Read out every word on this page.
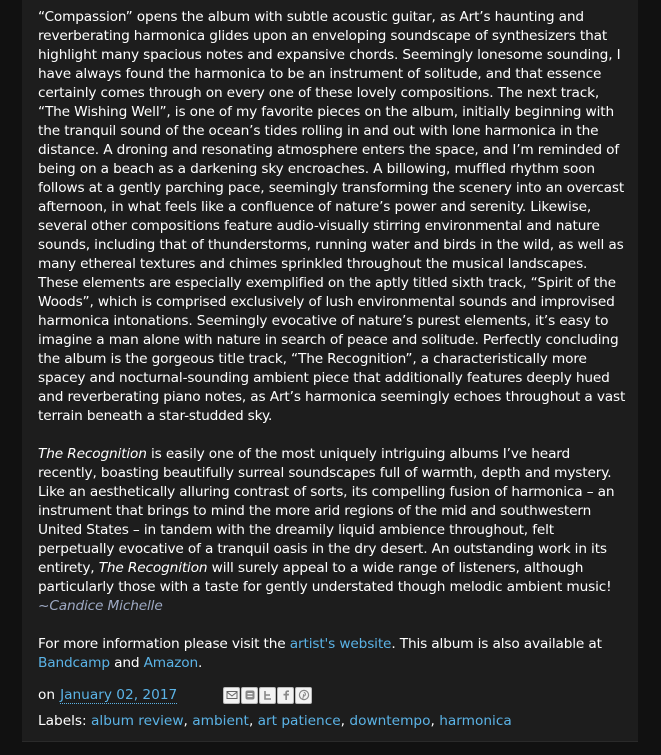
“Compassion” opens the album with subtle acoustic guitar, as Art’s haunting and reverberating harmonica glides upon an enveloping soundscape of synthesizers that highlight many spacious notes and expansive chords. Seemingly lonesome sounding, I have always found the harmonica to be an instrument of solitude, and that essence certainly comes through on every one of these lovely compositions. The next track, “The Wishing Well”, is one of my favorite pieces on the album, initially beginning with the tranquil sound of the ocean’s tides rolling in and out with lone harmonica in the distance. A droning and resonating atmosphere enters the space, and I’m reminded of being on a beach as a darkening sky encroaches. A billowing, muffled rhythm soon follows at a gently parching pace, seemingly transforming the scenery into an overcast afternoon, in what feels like a confluence of nature’s power and serenity. Likewise, several other compositions feature audio-visually stirring environmental and nature sounds, including that of thunderstorms, running water and birds in the wild, as well as many ethereal textures and chimes sprinkled throughout the musical landscapes. These elements are especially exemplified on the aptly titled sixth track, “Spirit of the Woods”, which is comprised exclusively of lush environmental sounds and improvised harmonica intonations. Seemingly evocative of nature’s purest elements, it’s easy to imagine a man alone with nature in search of peace and solitude. Perfectly concluding the album is the gorgeous title track, “The Recognition”, a characteristically more spacey and nocturnal-sounding ambient piece that additionally features deeply hued and reverberating piano notes, as Art’s harmonica seemingly echoes throughout a vast terrain beneath a star-studded sky.

The Recognition is easily one of the most uniquely intriguing albums I’ve heard recently, boasting beautifully surreal soundscapes full of warmth, depth and mystery. Like an aesthetically alluring contrast of sorts, its compelling fusion of harmonica – an instrument that brings to mind the more arid regions of the mid and southwestern United States – in tandem with the dreamily liquid ambience throughout, felt perpetually evocative of a tranquil oasis in the dry desert. An outstanding work in its entirety, The Recognition will surely appeal to a wide range of listeners, although particularly those with a taste for gently understated though melodic ambient music! ~Candice Michelle

For more information please visit the artist's website. This album is also available at Bandcamp and Amazon.

on January 02, 2017
Labels: album review, ambient, art patience, downtempo, harmonica
